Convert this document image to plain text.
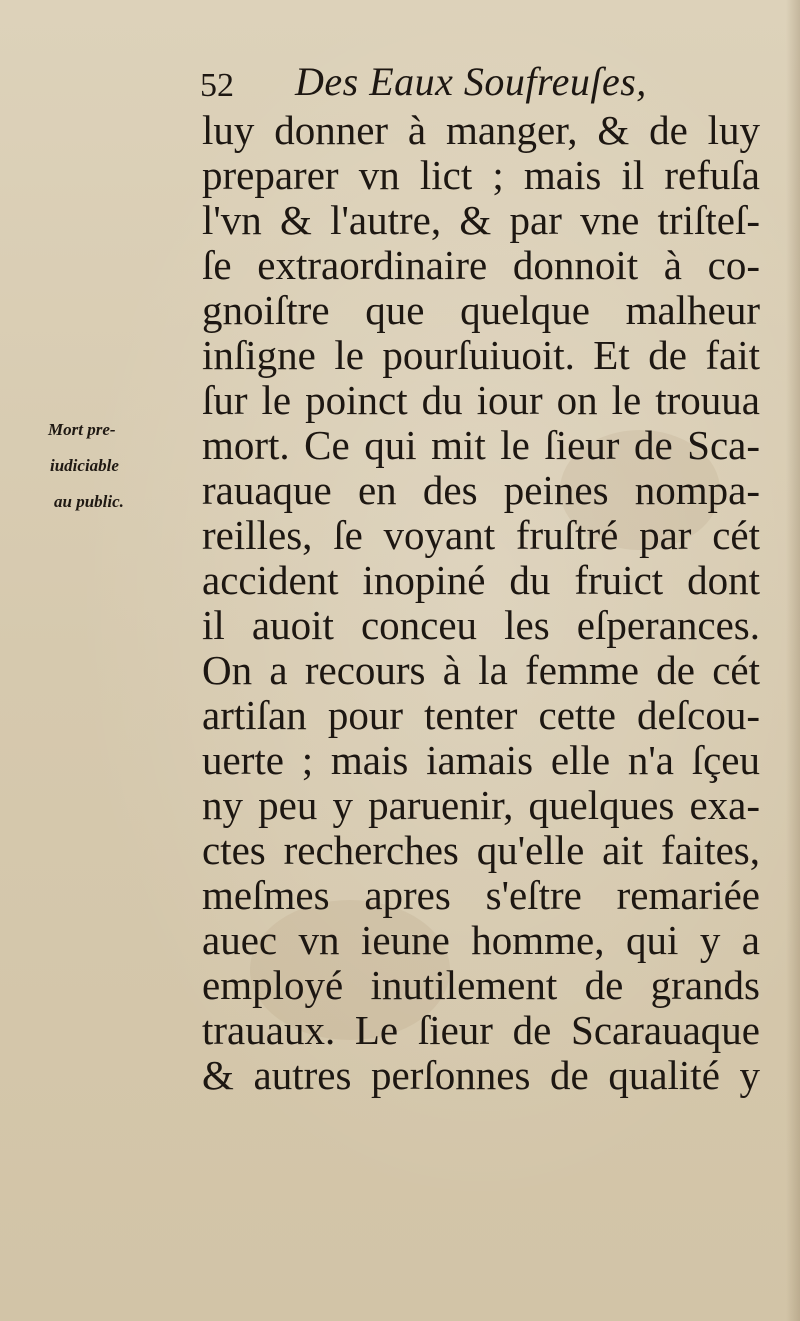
52 Des Eaux Soufreuſes,
Mort pre-
iudiciable
au public.
luy donner à manger, & de luy
preparer vn lict ; mais il refuſa
l'vn & l'autre, & par vne triſteſ-
ſe extraordinaire donnoit à co-
gnoiſtre que quelque malheur
inſigne le pourſuiuoit. Et de fait
ſur le poinct du iour on le trouua
mort. Ce qui mit le ſieur de Sca-
rauaque en des peines nompa-
reilles, ſe voyant fruſtré par cét
accident inopiné du fruict dont
il auoit conceu les eſperances.
On a recours à la femme de cét
artiſan pour tenter cette deſcou-
uerte ; mais iamais elle n'a ſçeu
ny peu y paruenir, quelques exa-
ctes recherches qu'elle ait faites,
meſmes apres s'eſtre remariée
auec vn ieune homme, qui y a
employé inutilement de grands
trauaux. Le ſieur de Scarauaque
& autres perſonnes de qualité y
